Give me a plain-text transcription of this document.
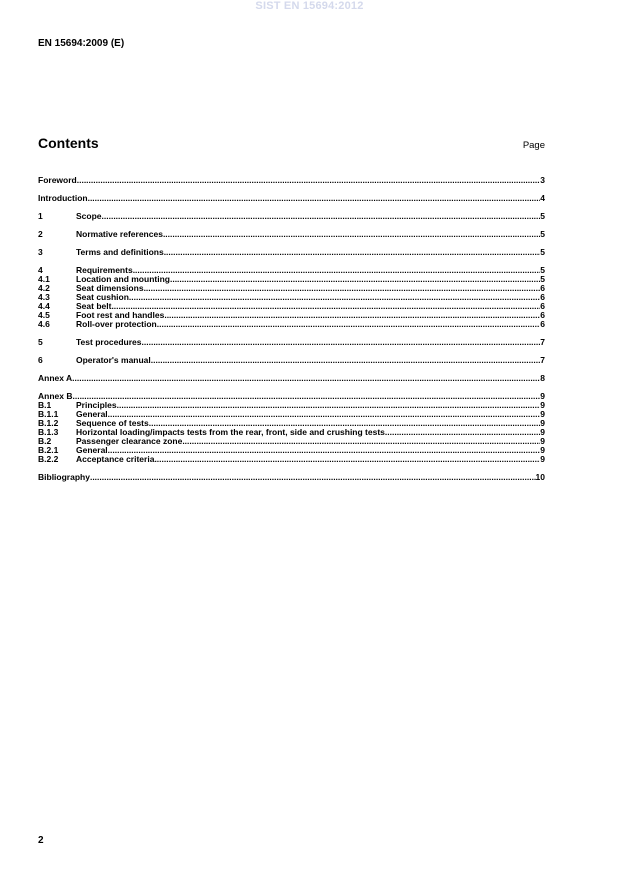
SIST EN 15694:2012
EN 15694:2009 (E)
Contents	Page
Foreword .....	3
Introduction .....	4
1	Scope .....	5
2	Normative references .....	5
3	Terms and definitions .....	5
4	Requirements .....	5
4.1	Location and mounting .....	5
4.2	Seat dimensions .....	6
4.3	Seat cushion .....	6
4.4	Seat belt .....	6
4.5	Foot rest and handles .....	6
4.6	Roll-over protection .....	6
5	Test procedures .....	7
6	Operator's manual .....	7
Annex A .....	8
Annex B .....	9
B.1	Principles .....	9
B.1.1	General .....	9
B.1.2	Sequence of tests .....	9
B.1.3	Horizontal loading/impacts tests from the rear, front, side and crushing tests .....	9
B.2	Passenger clearance zone .....	9
B.2.1	General .....	9
B.2.2	Acceptance criteria .....	9
Bibliography .....	10
2
